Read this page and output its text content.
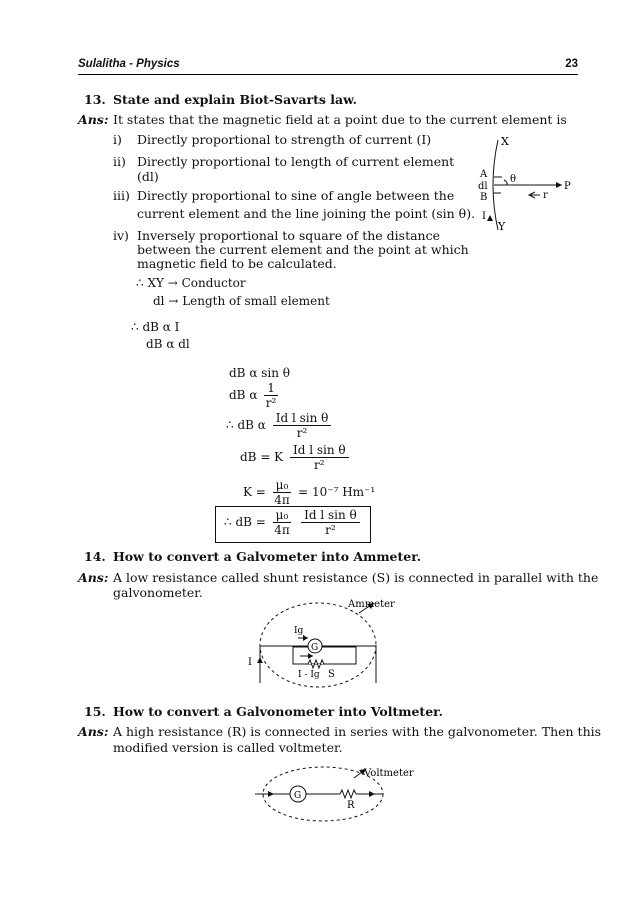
Sulalitha - Physics	23
13. State and explain Biot-Savarts law.
Ans: It states that the magnetic field at a point due to the current element is
i) Directly proportional to strength of current (I)
ii) Directly proportional to length of current element
(dl)
iii) Directly proportional to sine of angle between the
current element and the line joining the point (sin θ).
iv) Inversely proportional to square of the distance
between the current element and the point at which
magnetic field to be calculated.
∴ XY → Conductor
dl → Length of small element
∴ dB α I
dB α dl
dB α sin θ
dB α $\frac{1}{\text{r²}}$
∴ dB α $\frac{\text{Id l sin θ}}{\text{r²}}$
dB = K $\frac{\text{Id l sin θ}}{\text{r²}}$
$K = \frac{\text{μ₀}}{4\pi} = 10^{-7}$ Hm⁻¹
∴ dB = $\frac{\text{μ₀}}{4\pi}$
$\frac{\text{Id l sin θ}}{\text{r²}}$
X
Y
A
dl
B
θ
r
P
I
14. How to convert a Galvometer into Ammeter.
Ans: A low resistance called shunt resistance (S) is connected in parallel with the
galvonometer.
Ammeter
G
Ig
I
I - Ig S
15. How to convert a Galvonometer into Voltmeter.
Ans: A high resistance (R) is connected in series with the galvonometer. Then this
modified version is called voltmeter.
G
Voltmeter
R
